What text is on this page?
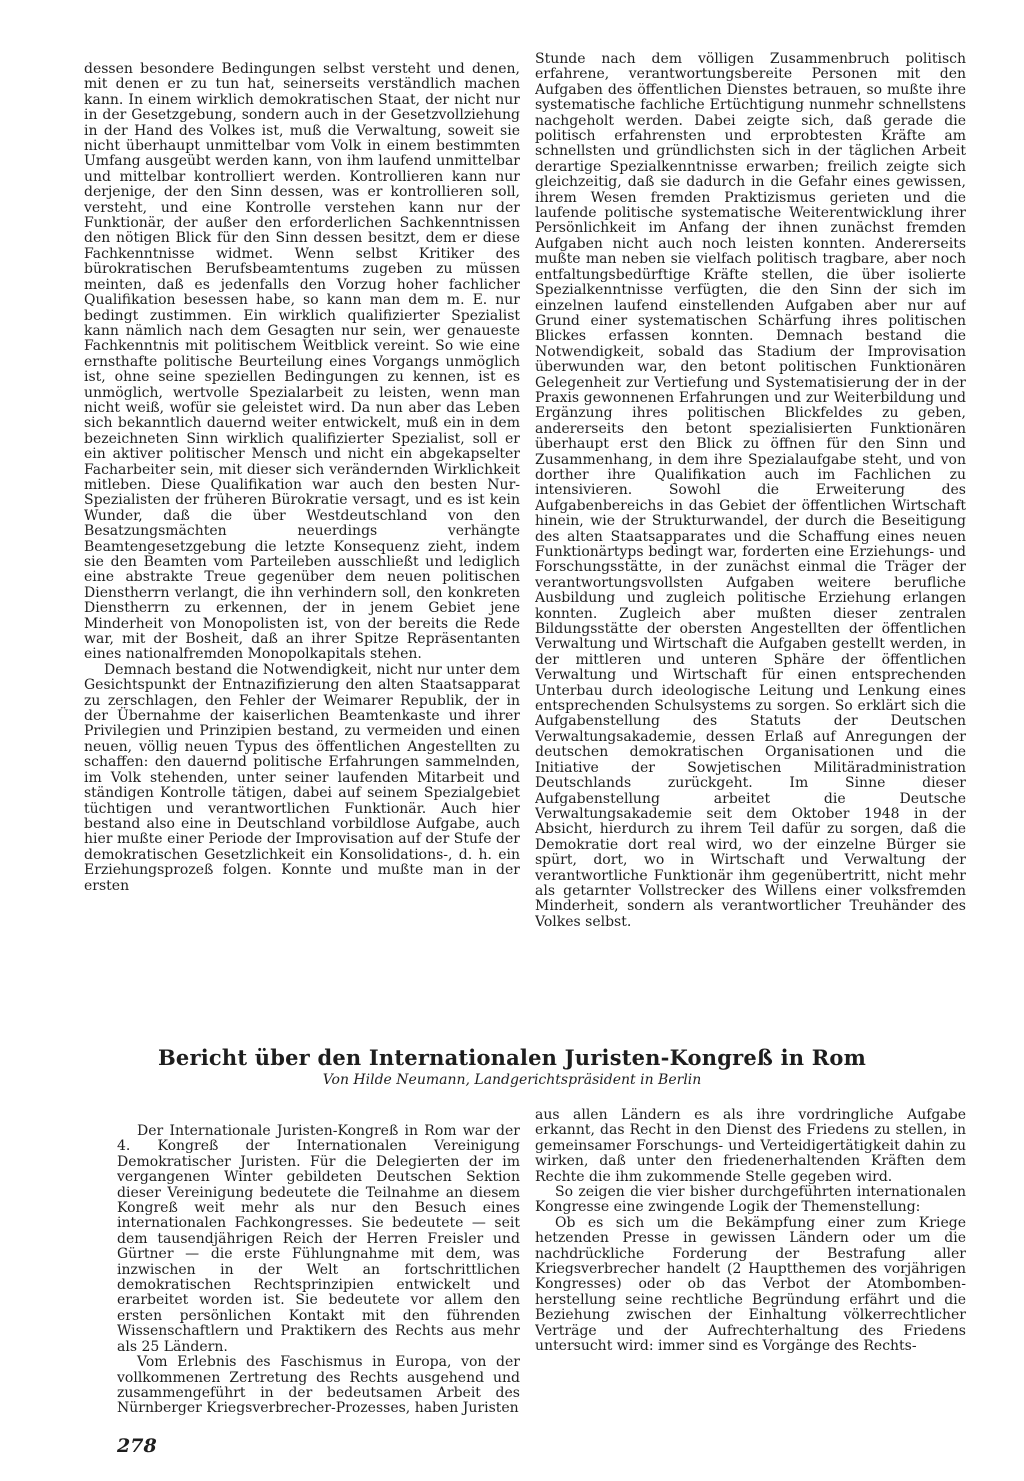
dessen besondere Bedingungen selbst versteht und denen, mit denen er zu tun hat, seinerseits verständlich machen kann. In einem wirklich demokratischen Staat, der nicht nur in der Gesetzgebung, sondern auch in der Gesetzvollziehung in der Hand des Volkes ist, muß die Verwaltung, soweit sie nicht überhaupt unmittelbar vom Volk in einem bestimmten Umfang ausgeübt werden kann, von ihm laufend unmittelbar und mittelbar kontrolliert werden. Kontrollieren kann nur derjenige, der den Sinn dessen, was er kontrollieren soll, versteht, und eine Kontrolle verstehen kann nur der Funktionär, der außer den erforderlichen Sachkenntnissen den nötigen Blick für den Sinn dessen besitzt, dem er diese Fachkenntnisse widmet. Wenn selbst Kritiker des bürokratischen Berufsbeamtentums zugeben zu müssen meinten, daß es jedenfalls den Vorzug hoher fachlicher Qualifikation besessen habe, so kann man dem m. E. nur bedingt zustimmen. Ein wirklich qualifizierter Spezialist kann nämlich nach dem Gesagten nur sein, wer genaueste Fachkenntnis mit politischem Weitblick vereint. So wie eine ernsthafte politische Beurteilung eines Vorgangs unmöglich ist, ohne seine speziellen Bedingungen zu kennen, ist es unmöglich, wertvolle Spezialarbeit zu leisten, wenn man nicht weiß, wofür sie geleistet wird. Da nun aber das Leben sich bekanntlich dauernd weiter entwickelt, muß ein in dem bezeichneten Sinn wirklich qualifizierter Spezialist, soll er ein aktiver politischer Mensch und nicht ein abgekapselter Facharbeiter sein, mit dieser sich verändernden Wirklichkeit mitleben. Diese Qualifikation war auch den besten Nur-Spezialisten der früheren Bürokratie versagt, und es ist kein Wunder, daß die über Westdeutschland von den Besatzungsmächten neuerdings verhängte Beamtengesetzgebung die letzte Konsequenz zieht, indem sie den Beamten vom Parteileben ausschließt und lediglich eine abstrakte Treue gegenüber dem neuen politischen Dienstherrn verlangt, die ihn verhindern soll, den konkreten Dienstherrn zu erkennen, der in jenem Gebiet jene Minderheit von Monopolisten ist, von der bereits die Rede war, mit der Bosheit, daß an ihrer Spitze Repräsentanten eines nationalfremden Monopolkapitals stehen.

Demnach bestand die Notwendigkeit, nicht nur unter dem Gesichtspunkt der Entnazifizierung den alten Staatsapparat zu zerschlagen, den Fehler der Weimarer Republik, der in der Übernahme der kaiserlichen Beamtenkaste und ihrer Privilegien und Prinzipien bestand, zu vermeiden und einen neuen, völlig neuen Typus des öffentlichen Angestellten zu schaffen: den dauernd politische Erfahrungen sammelnden, im Volk stehenden, unter seiner laufenden Mitarbeit und ständigen Kontrolle tätigen, dabei auf seinem Spezialgebiet tüchtigen und verantwortlichen Funktionär. Auch hier bestand also eine in Deutschland vorbildlose Aufgabe, auch hier mußte einer Periode der Improvisation auf der Stufe der demokratischen Gesetzlichkeit ein Konsolidations-, d. h. ein Erziehungsprozeß folgen. Konnte und mußte man in der ersten

Stunde nach dem völligen Zusammenbruch politisch erfahrene, verantwortungsbereite Personen mit den Aufgaben des öffentlichen Dienstes betrauen, so mußte ihre systematische fachliche Ertüchtigung nunmehr schnellstens nachgeholt werden. Dabei zeigte sich, daß gerade die politisch erfahrensten und erprobtesten Kräfte am schnellsten und gründlichsten sich in der täglichen Arbeit derartige Spezialkenntnisse erwarben; freilich zeigte sich gleichzeitig, daß sie dadurch in die Gefahr eines gewissen, ihrem Wesen fremden Praktizismus gerieten und die laufende politische systematische Weiterentwicklung ihrer Persönlichkeit im Anfang der ihnen zunächst fremden Aufgaben nicht auch noch leisten konnten. Andererseits mußte man neben sie vielfach politisch tragbare, aber noch entfaltungsbedürftige Kräfte stellen, die über isolierte Spezialkenntnisse verfügten, die den Sinn der sich im einzelnen laufend einstellenden Aufgaben aber nur auf Grund einer systematischen Schärfung ihres politischen Blickes erfassen konnten. Demnach bestand die Notwendigkeit, sobald das Stadium der Improvisation überwunden war, den betont politischen Funktionären Gelegenheit zur Vertiefung und Systematisierung der in der Praxis gewonnenen Erfahrungen und zur Weiterbildung und Ergänzung ihres politischen Blickfeldes zu geben, andererseits den betont spezialisierten Funktionären überhaupt erst den Blick zu öffnen für den Sinn und Zusammenhang, in dem ihre Spezialaufgabe steht, und von dorther ihre Qualifikation auch im Fachlichen zu intensivieren. Sowohl die Erweiterung des Aufgabenbereichs in das Gebiet der öffentlichen Wirtschaft hinein, wie der Strukturwandel, der durch die Beseitigung des alten Staatsapparates und die Schaffung eines neuen Funktionärtyps bedingt war, forderten eine Erziehungs- und Forschungsstätte, in der zunächst einmal die Träger der verantwortungsvollsten Aufgaben weitere berufliche Ausbildung und zugleich politische Erziehung erlangen konnten. Zugleich aber mußten dieser zentralen Bildungsstätte der obersten Angestellten der öffentlichen Verwaltung und Wirtschaft die Aufgaben gestellt werden, in der mittleren und unteren Sphäre der öffentlichen Verwaltung und Wirtschaft für einen entsprechenden Unterbau durch ideologische Leitung und Lenkung eines entsprechenden Schulsystems zu sorgen. So erklärt sich die Aufgabenstellung des Statuts der Deutschen Verwaltungsakademie, dessen Erlaß auf Anregungen der deutschen demokratischen Organisationen und die Initiative der Sowjetischen Militäradministration Deutschlands zurückgeht. Im Sinne dieser Aufgabenstellung arbeitet die Deutsche Verwaltungsakademie seit dem Oktober 1948 in der Absicht, hierdurch zu ihrem Teil dafür zu sorgen, daß die Demokratie dort real wird, wo der einzelne Bürger sie spürt, dort, wo in Wirtschaft und Verwaltung der verantwortliche Funktionär ihm gegenübertritt, nicht mehr als getarnter Vollstrecker des Willens einer volksfremden Minderheit, sondern als verantwortlicher Treuhänder des Volkes selbst.

Bericht über den Internationalen Juristen-Kongreß in Rom
Von Hilde Neumann, Landgerichtspräsident in Berlin

Der Internationale Juristen-Kongreß in Rom war der 4. Kongreß der Internationalen Vereinigung Demokratischer Juristen. Für die Delegierten der im vergangenen Winter gebildeten Deutschen Sektion dieser Vereinigung bedeutete die Teilnahme an diesem Kongreß weit mehr als nur den Besuch eines internationalen Fachkongresses. Sie bedeutete — seit dem tausendjährigen Reich der Herren Freisler und Gürtner — die erste Fühlungnahme mit dem, was inzwischen in der Welt an fortschrittlichen demokratischen Rechtsprinzipien entwickelt und erarbeitet worden ist. Sie bedeutete vor allem den ersten persönlichen Kontakt mit den führenden Wissenschaftlern und Praktikern des Rechts aus mehr als 25 Ländern.

Vom Erlebnis des Faschismus in Europa, von der vollkommenen Zertretung des Rechts ausgehend und zusammengeführt in der bedeutsamen Arbeit des Nürnberger Kriegsverbrecher-Prozesses, haben Juristen

aus allen Ländern es als ihre vordringliche Aufgabe erkannt, das Recht in den Dienst des Friedens zu stellen, in gemeinsamer Forschungs- und Verteidigertätigkeit dahin zu wirken, daß unter den friedenerhaltenden Kräften dem Rechte die ihm zukommende Stelle gegeben wird.

So zeigen die vier bisher durchgeführten internationalen Kongresse eine zwingende Logik der Themenstellung:

Ob es sich um die Bekämpfung einer zum Kriege hetzenden Presse in gewissen Ländern oder um die nachdrückliche Forderung der Bestrafung aller Kriegsverbrecher handelt (2 Hauptthemen des vorjährigen Kongresses) oder ob das Verbot der Atombomben-herstellung seine rechtliche Begründung erfährt und die Beziehung zwischen der Einhaltung völkerrechtlicher Verträge und der Aufrechterhaltung des Friedens untersucht wird: immer sind es Vorgänge des Rechts-

278
